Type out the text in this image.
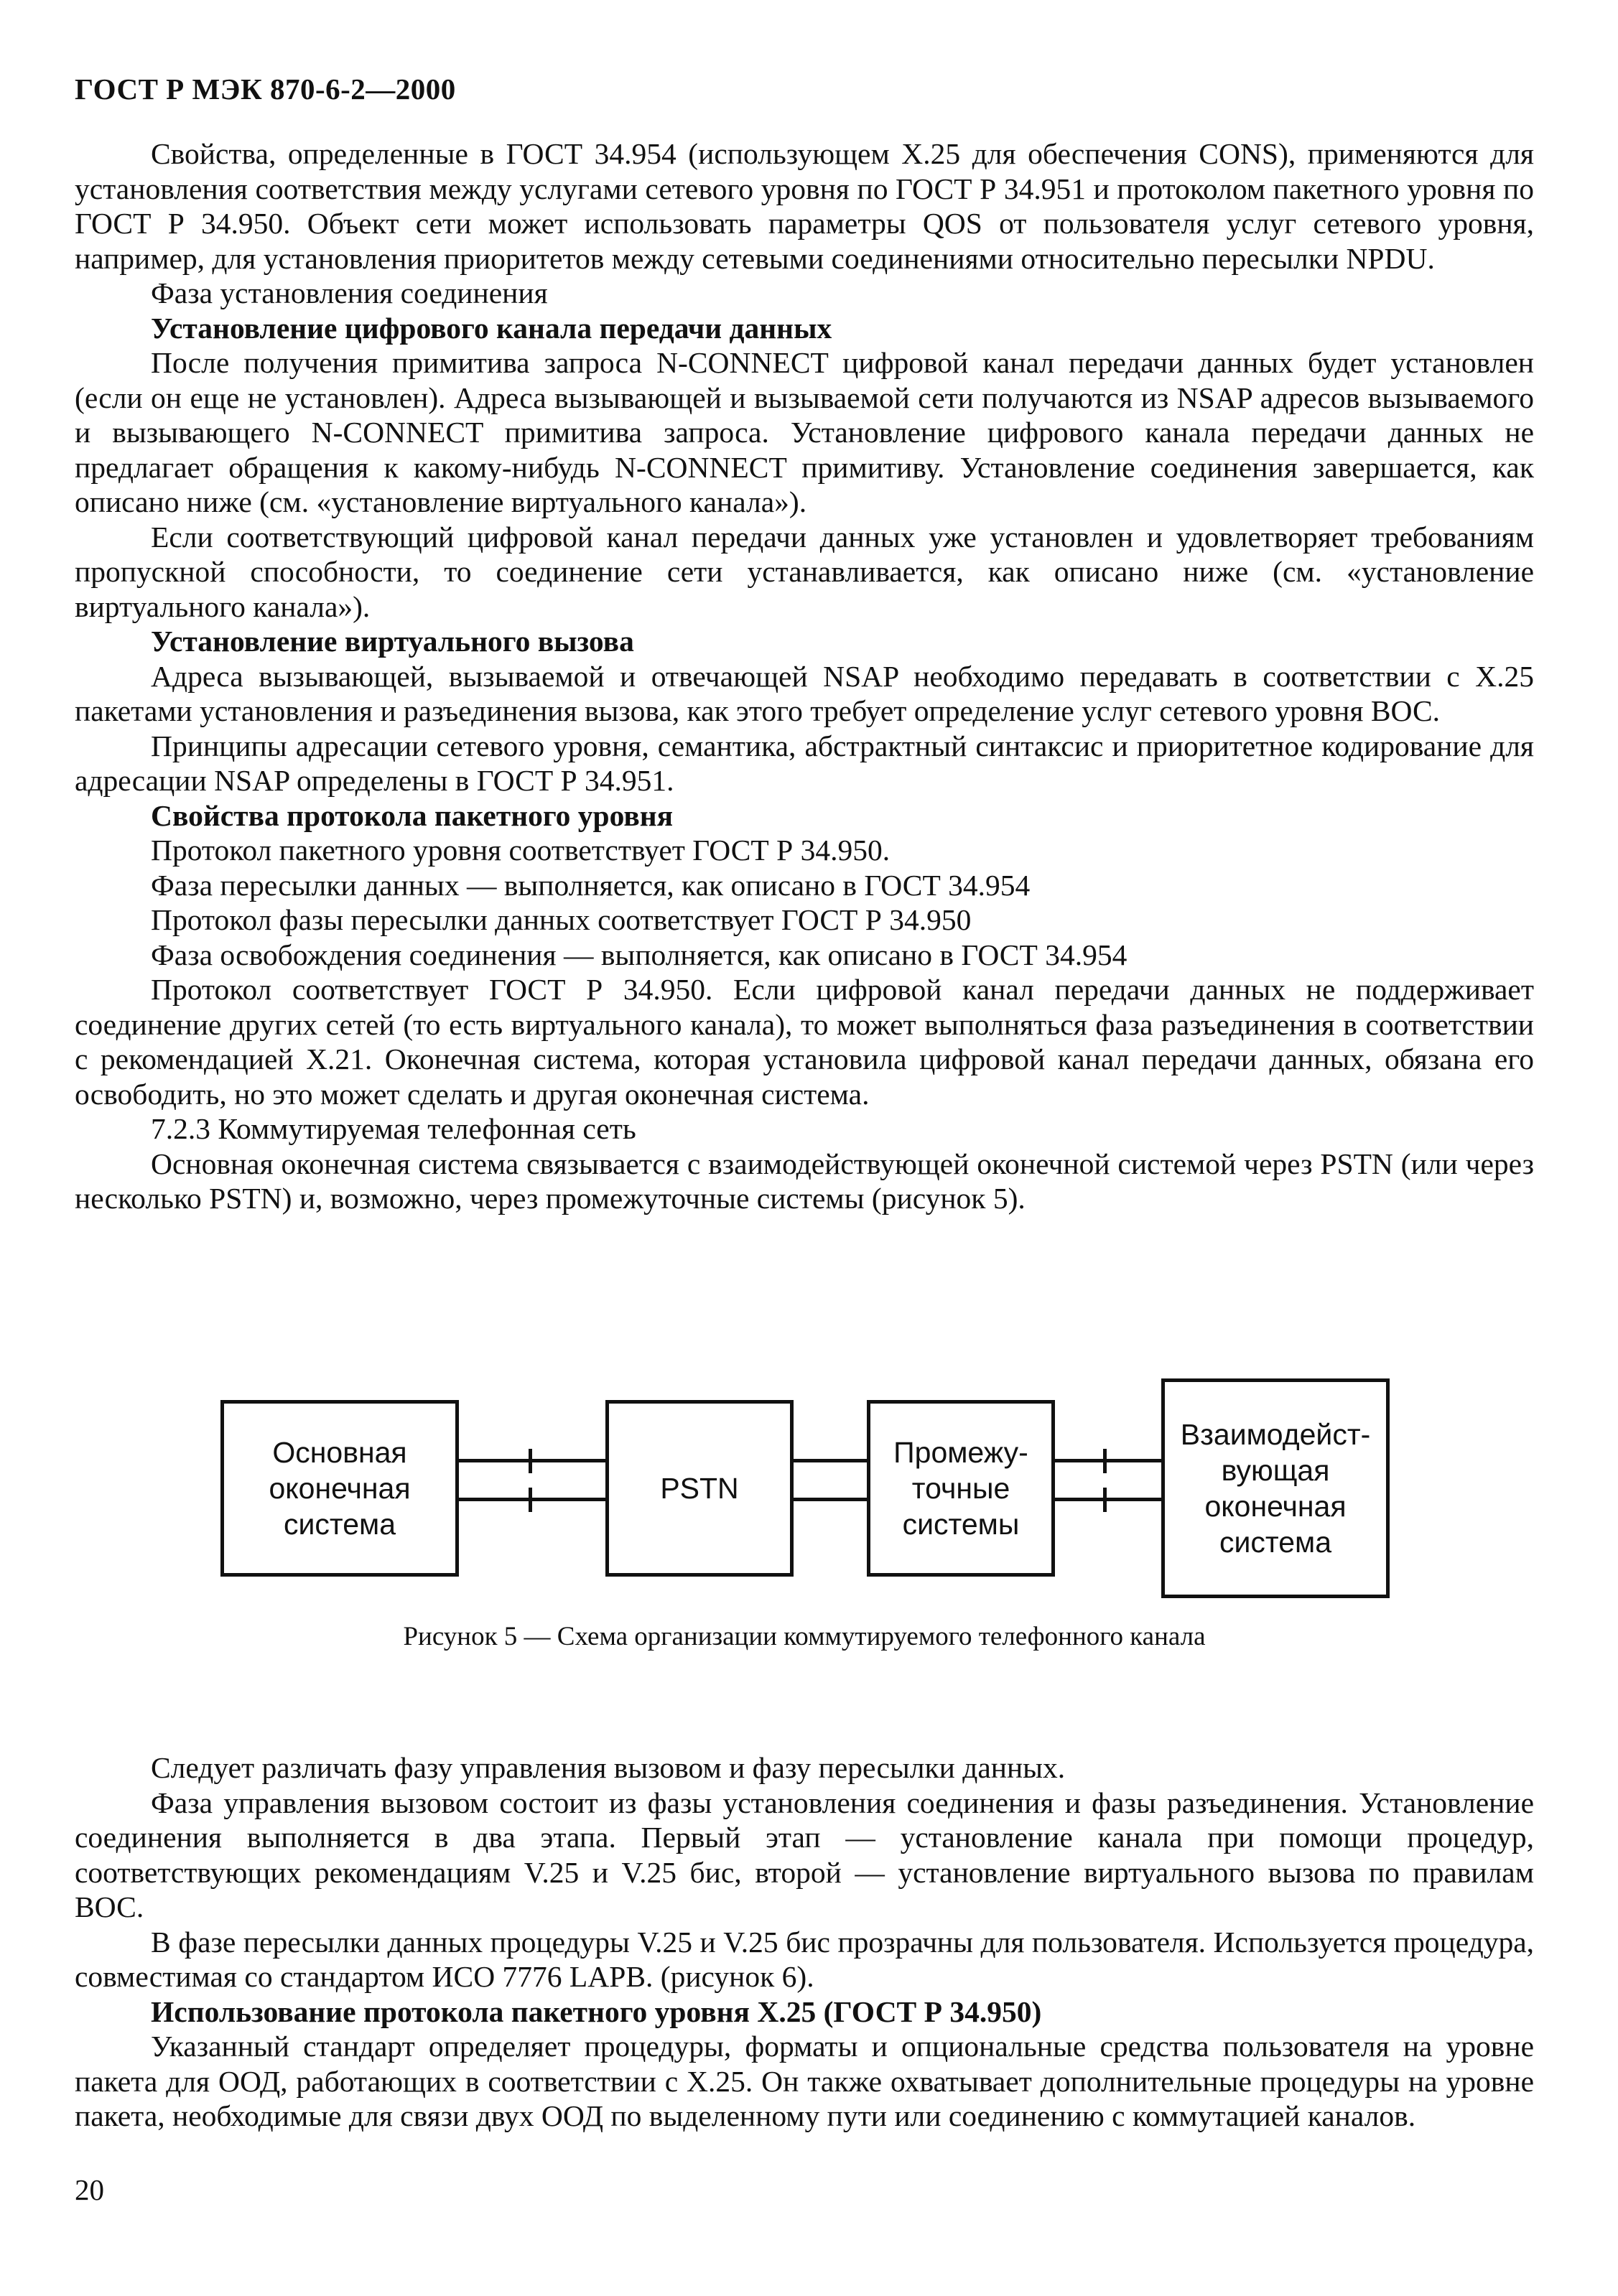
ГОСТ Р МЭК 870-6-2—2000

Свойства, определенные в ГОСТ 34.954 (использующем X.25 для обеспечения CONS), применяются для установления соответствия между услугами сетевого уровня по ГОСТ Р 34.951 и протоколом пакетного уровня по ГОСТ Р 34.950. Объект сети может использовать параметры QOS от пользователя услуг сетевого уровня, например, для установления приоритетов между сетевыми соединениями относительно пересылки NPDU.

Фаза установления соединения

Установление цифрового канала передачи данных

После получения примитива запроса N-CONNECT цифровой канал передачи данных будет установлен (если он еще не установлен). Адреса вызывающей и вызываемой сети получаются из NSAP адресов вызываемого и вызывающего N-CONNECT примитива запроса. Установление цифрового канала передачи данных не предлагает обращения к какому-нибудь N-CONNECT примитиву. Установление соединения завершается, как описано ниже (см. «установление виртуального канала»).

Если соответствующий цифровой канал передачи данных уже установлен и удовлетворяет требованиям пропускной способности, то соединение сети устанавливается, как описано ниже (см. «установление виртуального канала»).

Установление виртуального вызова

Адреса вызывающей, вызываемой и отвечающей NSAP необходимо передавать в соответствии с X.25 пакетами установления и разъединения вызова, как этого требует определение услуг сетевого уровня ВОС.

Принципы адресации сетевого уровня, семантика, абстрактный синтаксис и приоритетное кодирование для адресации NSAP определены в ГОСТ Р 34.951.

Свойства протокола пакетного уровня

Протокол пакетного уровня соответствует ГОСТ Р 34.950.

Фаза пересылки данных — выполняется, как описано в ГОСТ 34.954

Протокол фазы пересылки данных соответствует ГОСТ Р 34.950

Фаза освобождения соединения — выполняется, как описано в ГОСТ 34.954

Протокол соответствует ГОСТ Р 34.950. Если цифровой канал передачи данных не поддерживает соединение других сетей (то есть виртуального канала), то может выполняться фаза разъединения в соответствии с рекомендацией X.21. Оконечная система, которая установила цифровой канал передачи данных, обязана его освободить, но это может сделать и другая оконечная система.

7.2.3 Коммутируемая телефонная сеть

Основная оконечная система связывается с взаимодействующей оконечной системой через PSTN (или через несколько PSTN) и, возможно, через промежуточные системы (рисунок 5).

Основная
оконечная
система
PSTN
Промежу-
точные
системы
Взаимодейст-
вующая
оконечная
система
Рисунок 5 — Схема организации коммутируемого телефонного канала

Следует различать фазу управления вызовом и фазу пересылки данных.

Фаза управления вызовом состоит из фазы установления соединения и фазы разъединения. Установление соединения выполняется в два этапа. Первый этап — установление канала при помощи процедур, соответствующих рекомендациям V.25 и V.25 бис, второй — установление виртуального вызова по правилам ВОС.

В фазе пересылки данных процедуры V.25 и V.25 бис прозрачны для пользователя. Используется процедура, совместимая со стандартом ИСО 7776 LAPB. (рисунок 6).

Использование протокола пакетного уровня X.25 (ГОСТ Р 34.950)

Указанный стандарт определяет процедуры, форматы и опциональные средства пользователя на уровне пакета для ООД, работающих в соответствии с X.25. Он также охватывает дополнительные процедуры на уровне пакета, необходимые для связи двух ООД по выделенному пути или соединению с коммутацией каналов.

20
